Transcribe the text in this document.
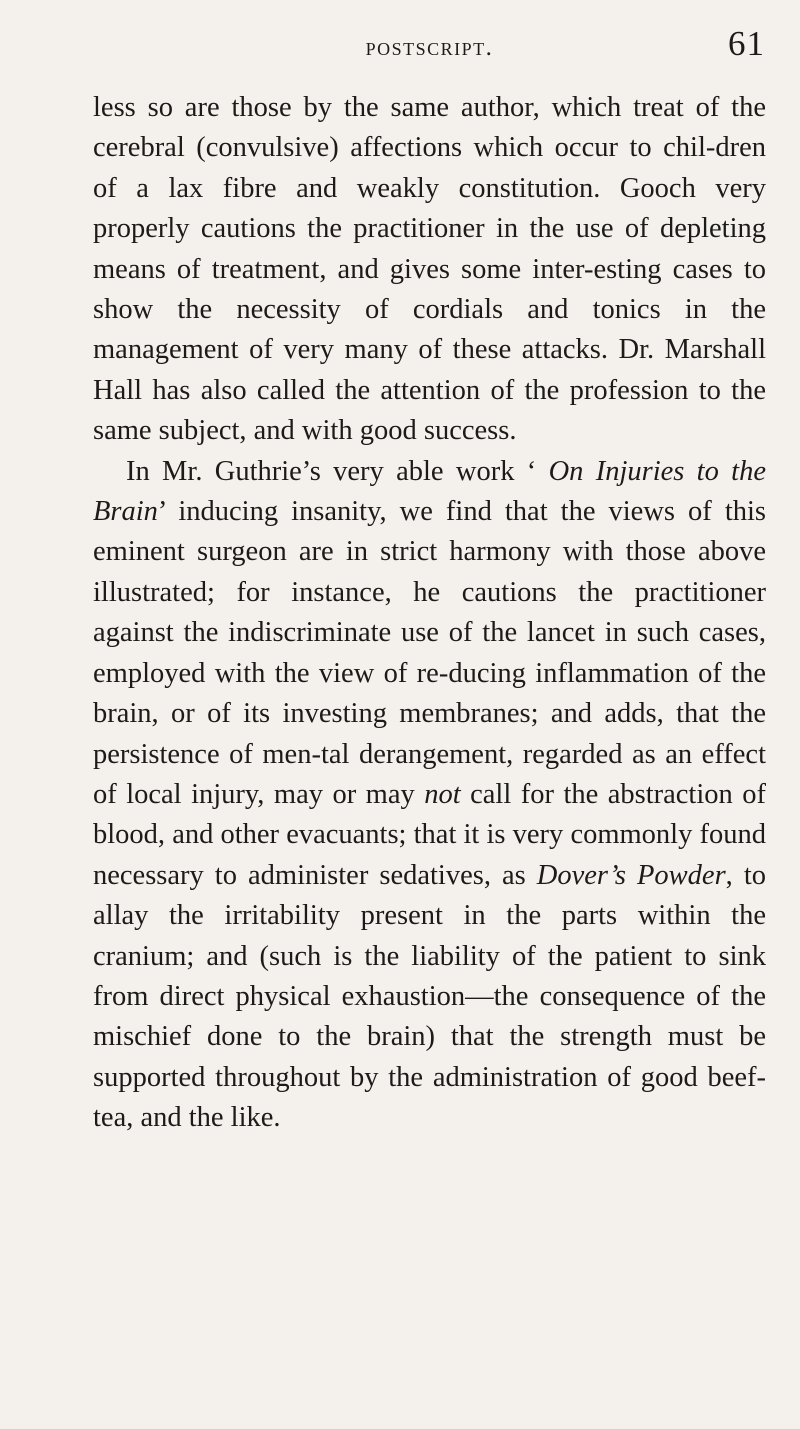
postscript.	61

less so are those by the same author, which treat of the cerebral (convulsive) affections which occur to chil-dren of a lax fibre and weakly constitution. Gooch very properly cautions the practitioner in the use of depleting means of treatment, and gives some inter-esting cases to show the necessity of cordials and tonics in the management of very many of these attacks. Dr. Marshall Hall has also called the attention of the profession to the same subject, and with good success.

In Mr. Guthrie’s very able work ‘ On Injuries to the Brain’ inducing insanity, we find that the views of this eminent surgeon are in strict harmony with those above illustrated; for instance, he cautions the practitioner against the indiscriminate use of the lancet in such cases, employed with the view of re-ducing inflammation of the brain, or of its investing membranes; and adds, that the persistence of men-tal derangement, regarded as an effect of local injury, may or may not call for the abstraction of blood, and other evacuants; that it is very commonly found necessary to administer sedatives, as Dover’s Powder, to allay the irritability present in the parts within the cranium; and (such is the liability of the patient to sink from direct physical exhaustion—the consequence of the mischief done to the brain) that the strength must be supported throughout by the administration of good beef-tea, and the like.
